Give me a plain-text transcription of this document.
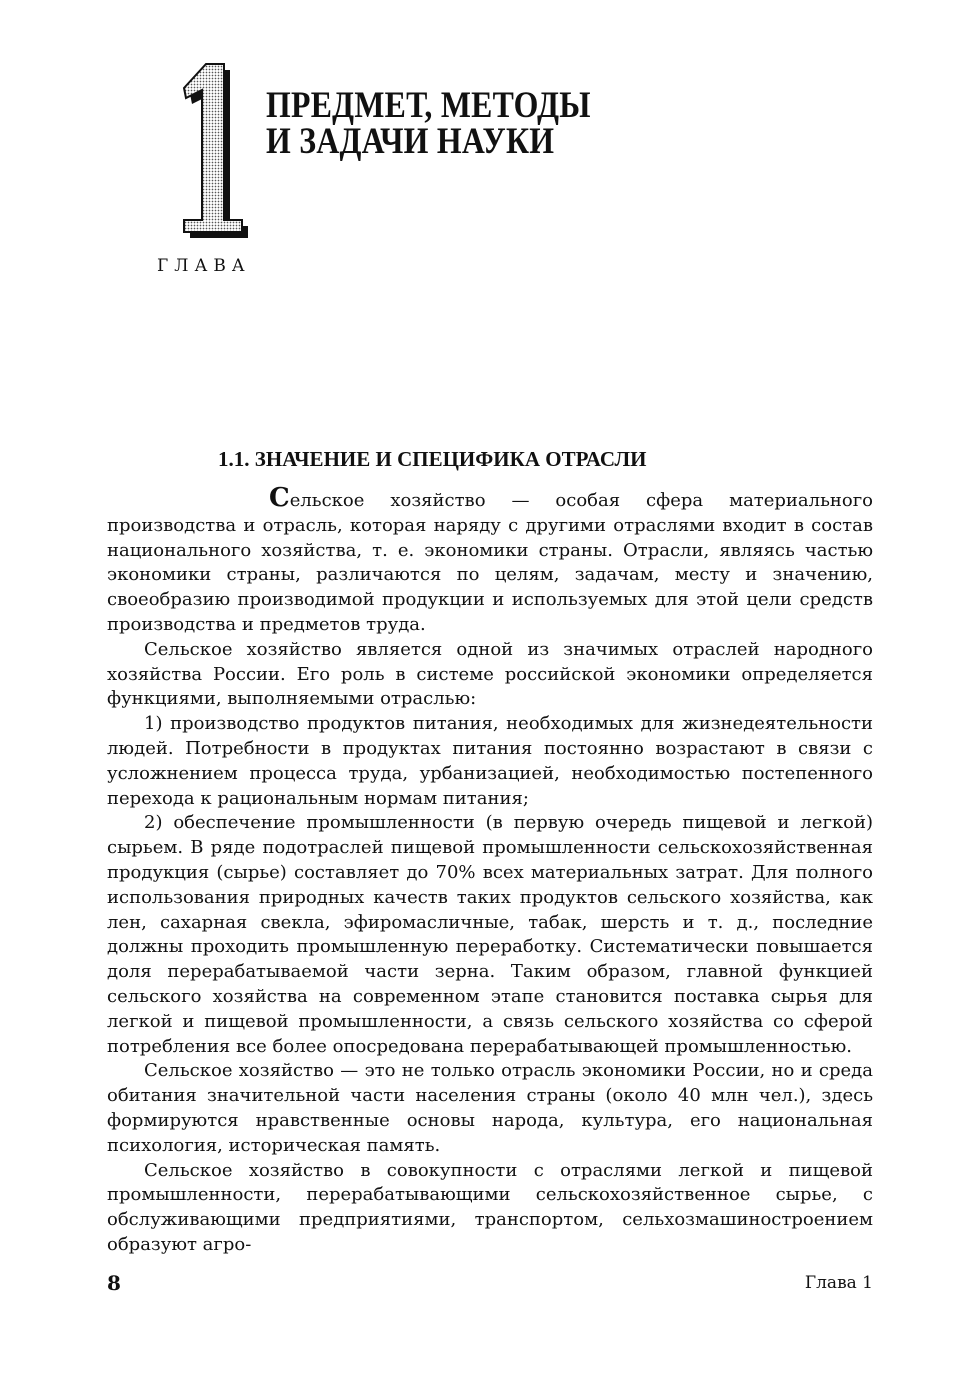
ГЛАВА

ПРЕДМЕТ, МЕТОДЫ
И ЗАДАЧИ НАУКИ
1.1. ЗНАЧЕНИЕ И СПЕЦИФИКА ОТРАСЛИ

Сельское хозяйство — особая сфера материального производства и отрасль, которая наряду с другими отраслями входит в состав национального хозяйства, т. е. экономики страны. Отрасли, являясь частью экономики страны, различаются по целям, задачам, месту и значению, своеобразию производимой продукции и используемых для этой цели средств производства и предметов труда.

Сельское хозяйство является одной из значимых отраслей народного хозяйства России. Его роль в системе российской экономики определяется функциями, выполняемыми отраслью:

1) производство продуктов питания, необходимых для жизнедеятельности людей. Потребности в продуктах питания постоянно возрастают в связи с усложнением процесса труда, урбанизацией, необходимостью постепенного перехода к рациональным нормам питания;

2) обеспечение промышленности (в первую очередь пищевой и легкой) сырьем. В ряде подотраслей пищевой промышленности сельскохозяйственная продукция (сырье) составляет до 70% всех материальных затрат. Для полного использования природных качеств таких продуктов сельского хозяйства, как лен, сахарная свекла, эфиромасличные, табак, шерсть и т. д., последние должны проходить промышленную переработку. Систематически повышается доля перерабатываемой части зерна. Таким образом, главной функцией сельского хозяйства на современном этапе становится поставка сырья для легкой и пищевой промышленности, а связь сельского хозяйства со сферой потребления все более опосредована перерабатывающей промышленностью.

Сельское хозяйство — это не только отрасль экономики России, но и среда обитания значительной части населения страны (около 40 млн чел.), здесь формируются нравственные основы народа, культура, его национальная психология, историческая память.

Сельское хозяйство в совокупности с отраслями легкой и пищевой промышленности, перерабатывающими сельскохозяйственное сырье, с обслуживающими предприятиями, транспортом, сельхозмашиностроением образуют агро-

8	Глава 1
